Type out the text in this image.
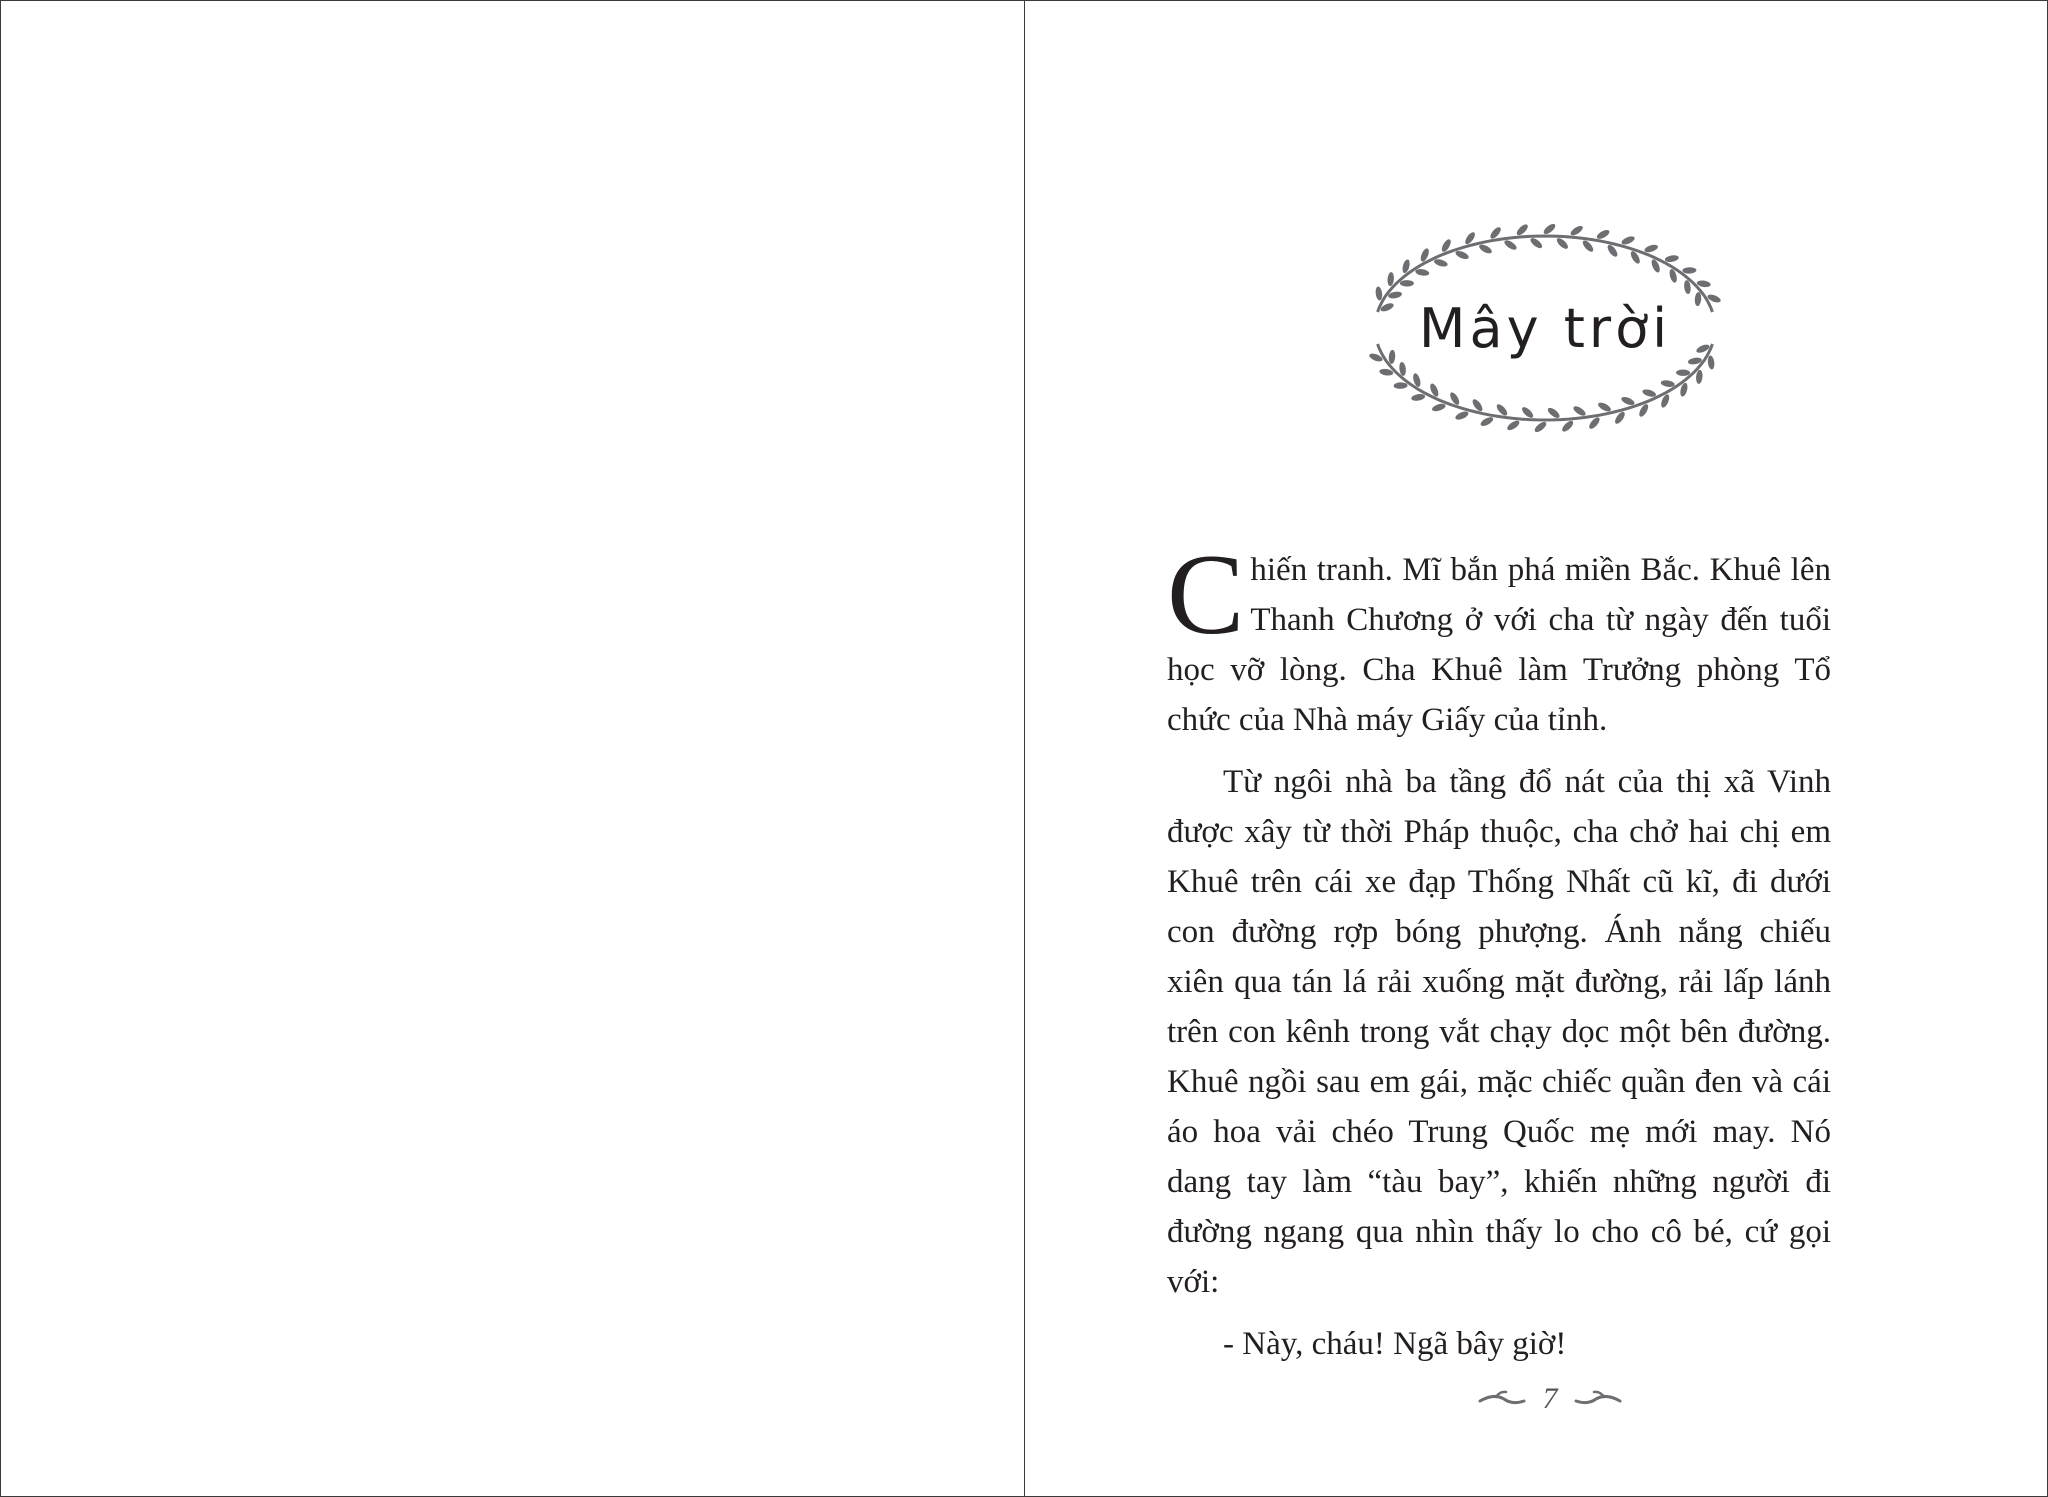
Mây trời

Chiến tranh. Mĩ bắn phá miền Bắc. Khuê lên Thanh Chương ở với cha từ ngày đến tuổi học vỡ lòng. Cha Khuê làm Trưởng phòng Tổ chức của Nhà máy Giấy của tỉnh.

Từ ngôi nhà ba tầng đổ nát của thị xã Vinh được xây từ thời Pháp thuộc, cha chở hai chị em Khuê trên cái xe đạp Thống Nhất cũ kĩ, đi dưới con đường rợp bóng phượng. Ánh nắng chiếu xiên qua tán lá rải xuống mặt đường, rải lấp lánh trên con kênh trong vắt chạy dọc một bên đường. Khuê ngồi sau em gái, mặc chiếc quần đen và cái áo hoa vải chéo Trung Quốc mẹ mới may. Nó dang tay làm “tàu bay”, khiến những người đi đường ngang qua nhìn thấy lo cho cô bé, cứ gọi với:

- Này, cháu! Ngã bây giờ!

7
